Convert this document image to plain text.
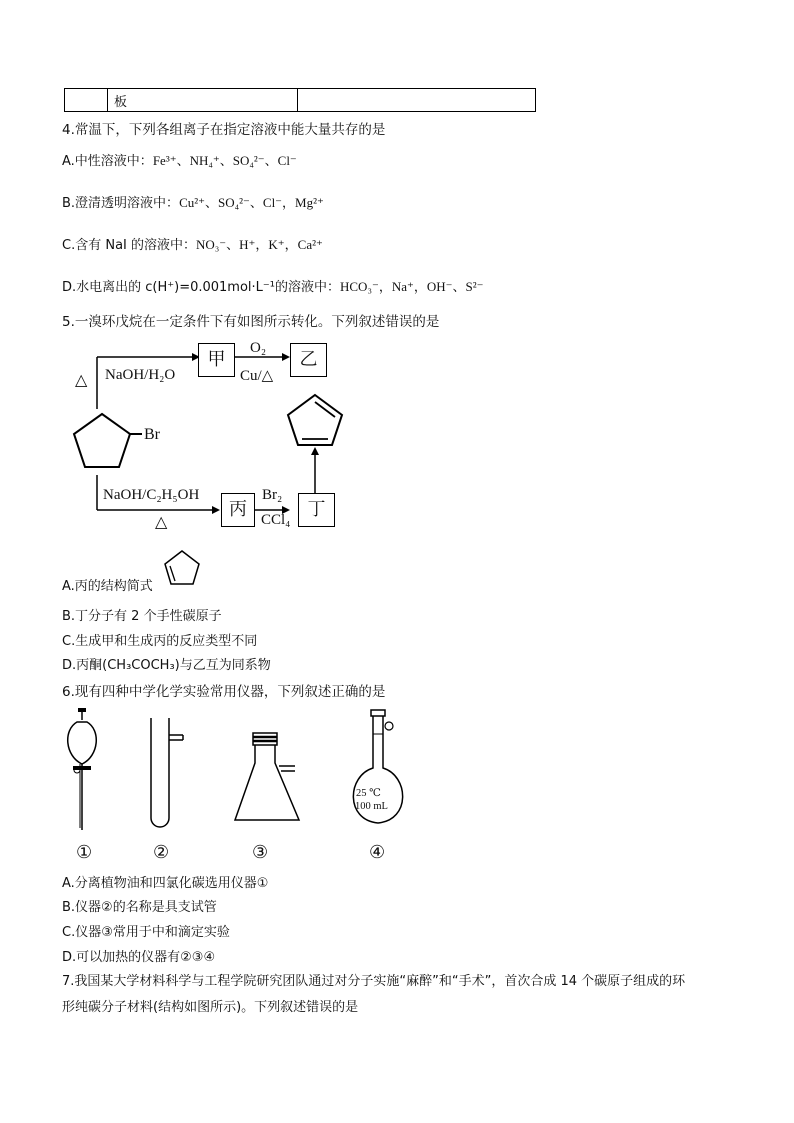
	板	
4.常温下，下列各组离子在指定溶液中能大量共存的是
A.中性溶液中：Fe³⁺、NH₄⁺、SO₄²⁻、Cl⁻
B.澄清透明溶液中：Cu²⁺、SO₄²⁻、Cl⁻，Mg²⁺
C.含有 NaI 的溶液中：NO₃⁻、H⁺，K⁺，Ca²⁺
D.水电离出的 c(H⁺)=0.001mol·L⁻¹的溶液中：HCO₃⁻，Na⁺，OH⁻、S²⁻
5.一溴环戊烷在一定条件下有如图所示转化。下列叙述错误的是
△ NaOH/H₂O
甲
O₂
Cu/△
乙
Br
NaOH/C₂H₅OH
△
丙
Br₂
CCl₄ 丁
A.丙的结构简式
B.丁分子有 2 个手性碳原子
C.生成甲和生成丙的反应类型不同
D.丙酮(CH₃COCH₃)与乙互为同系物
6.现有四种中学化学实验常用仪器，下列叙述正确的是
25 ℃
100 mL
①	②	③	④
A.分离植物油和四氯化碳选用仪器①
B.仪器②的名称是具支试管
C.仪器③常用于中和滴定实验
D.可以加热的仪器有②③④
7.我国某大学材料科学与工程学院研究团队通过对分子实施“麻醉”和“手术”，首次合成 14 个碳原子组成的环
形纯碳分子材料(结构如图所示)。下列叙述错误的是
